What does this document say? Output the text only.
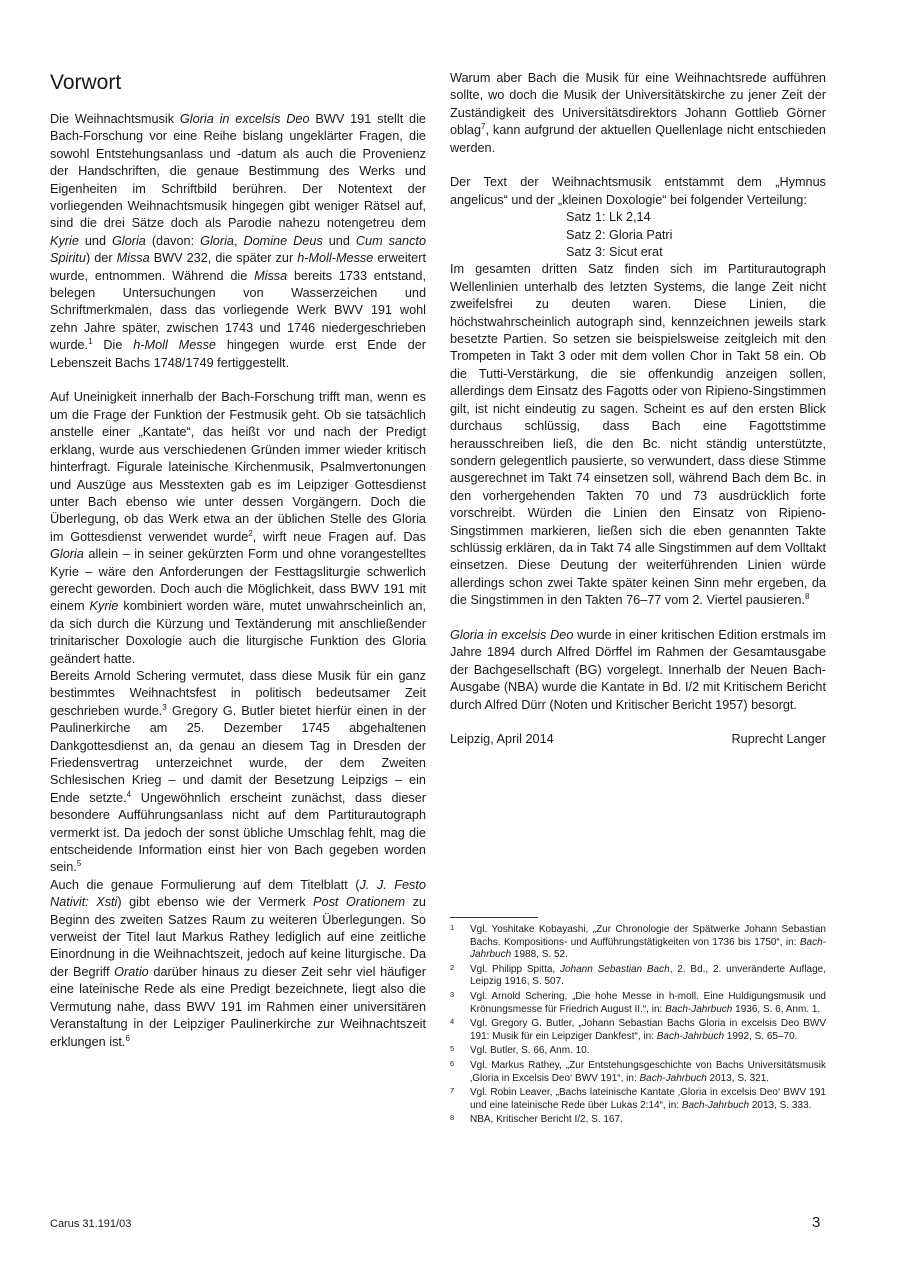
Vorwort

Die Weihnachtsmusik Gloria in excelsis Deo BWV 191 stellt die Bach-Forschung vor eine Reihe bislang ungeklärter Fragen, die sowohl Entstehungsanlass und -datum als auch die Provenienz der Handschriften, die genaue Bestimmung des Werks und Eigenheiten im Schriftbild berühren. Der Notentext der vorliegenden Weihnachtsmusik hingegen gibt weniger Rätsel auf, sind die drei Sätze doch als Parodie nahezu notengetreu dem Kyrie und Gloria (davon: Gloria, Domine Deus und Cum sancto Spiritu) der Missa BWV 232, die später zur h-Moll-Messe erweitert wurde, entnommen. Während die Missa bereits 1733 entstand, belegen Untersuchungen von Wasserzeichen und Schriftmerkmalen, dass das vorliegende Werk BWV 191 wohl zehn Jahre später, zwischen 1743 und 1746 niedergeschrieben wurde.$^1$ Die h-Moll Messe hingegen wurde erst Ende der Lebenszeit Bachs 1748/1749 fertiggestellt.

Auf Uneinigkeit innerhalb der Bach-Forschung trifft man, wenn es um die Frage der Funktion der Festmusik geht. Ob sie tatsächlich anstelle einer „Kantate“, das heißt vor und nach der Predigt erklang, wurde aus verschiedenen Gründen immer wieder kritisch hinterfragt. Figurale lateinische Kirchenmusik, Psalmvertonungen und Auszüge aus Messtexten gab es im Leipziger Gottesdienst unter Bach ebenso wie unter dessen Vorgängern. Doch die Überlegung, ob das Werk etwa an der üblichen Stelle des Gloria im Gottesdienst verwendet wurde$^2$, wirft neue Fragen auf. Das Gloria allein – in seiner gekürzten Form und ohne vorangestelltes Kyrie – wäre den Anforderungen der Festtagsliturgie schwerlich gerecht geworden. Doch auch die Möglichkeit, dass BWV 191 mit einem Kyrie kombiniert worden wäre, mutet unwahrscheinlich an, da sich durch die Kürzung und Textänderung mit anschließender trinitarischer Doxologie auch die liturgische Funktion des Gloria geändert hatte.

Bereits Arnold Schering vermutet, dass diese Musik für ein ganz bestimmtes Weihnachtsfest in politisch bedeutsamer Zeit geschrieben wurde.$^3$ Gregory G. Butler bietet hierfür einen in der Paulinerkirche am 25. Dezember 1745 abgehaltenen Dankgottesdienst an, da genau an diesem Tag in Dresden der Friedensvertrag unterzeichnet wurde, der dem Zweiten Schlesischen Krieg – und damit der Besetzung Leipzigs – ein Ende setzte.$^4$ Ungewöhnlich erscheint zunächst, dass dieser besondere Aufführungsanlass nicht auf dem Partiturautograph vermerkt ist. Da jedoch der sonst übliche Umschlag fehlt, mag die entscheidende Information einst hier von Bach gegeben worden sein.$^5$

Auch die genaue Formulierung auf dem Titelblatt (J. J. Festo Nativit: Xsti) gibt ebenso wie der Vermerk Post Orationem zu Beginn des zweiten Satzes Raum zu weiteren Überlegungen. So verweist der Titel laut Markus Rathey lediglich auf eine zeitliche Einordnung in die Weihnachtszeit, jedoch auf keine liturgische. Da der Begriff Oratio darüber hinaus zu dieser Zeit sehr viel häufiger eine lateinische Rede als eine Predigt bezeichnete, liegt also die Vermutung nahe, dass BWV 191 im Rahmen einer universitären Veranstaltung in der Leipziger Paulinerkirche zur Weihnachtszeit erklungen ist.$^6$

Warum aber Bach die Musik für eine Weihnachtsrede aufführen sollte, wo doch die Musik der Universitätskirche zu jener Zeit der Zuständigkeit des Universitätsdirektors Johann Gottlieb Görner oblag$^7$, kann aufgrund der aktuellen Quellenlage nicht entschieden werden.

Der Text der Weihnachtsmusik entstammt dem „Hymnus angelicus“ und der „kleinen Doxologie“ bei folgender Verteilung:

Satz 1: Lk 2,14

Satz 2: Gloria Patri

Satz 3: Sicut erat

Im gesamten dritten Satz finden sich im Partiturautograph Wellenlinien unterhalb des letzten Systems, die lange Zeit nicht zweifelsfrei zu deuten waren. Diese Linien, die höchstwahrscheinlich autograph sind, kennzeichnen jeweils stark besetzte Partien. So setzen sie beispielsweise zeitgleich mit den Trompeten in Takt 3 oder mit dem vollen Chor in Takt 58 ein. Ob die Tutti-Verstärkung, die sie offenkundig anzeigen sollen, allerdings dem Einsatz des Fagotts oder von Ripieno-Singstimmen gilt, ist nicht eindeutig zu sagen. Scheint es auf den ersten Blick durchaus schlüssig, dass Bach eine Fagottstimme herausschreiben ließ, die den Bc. nicht ständig unterstützte, sondern gelegentlich pausierte, so verwundert, dass diese Stimme ausgerechnet im Takt 74 einsetzen soll, während Bach dem Bc. in den vorhergehenden Takten 70 und 73 ausdrücklich forte vorschreibt. Würden die Linien den Einsatz von Ripieno-Singstimmen markieren, ließen sich die eben genannten Takte schlüssig erklären, da in Takt 74 alle Singstimmen auf dem Volltakt einsetzen. Diese Deutung der weiterführenden Linien würde allerdings schon zwei Takte später keinen Sinn mehr ergeben, da die Singstimmen in den Takten 76–77 vom 2. Viertel pausieren.$^8$

Gloria in excelsis Deo wurde in einer kritischen Edition erstmals im Jahre 1894 durch Alfred Dörffel im Rahmen der Gesamtausgabe der Bachgesellschaft (BG) vorgelegt. Innerhalb der Neuen Bach-Ausgabe (NBA) wurde die Kantate in Bd. I/2 mit Kritischem Bericht durch Alfred Dürr (Noten und Kritischer Bericht 1957) besorgt.

Leipzig, April 2014	Ruprecht Langer
1 Vgl. Yoshitake Kobayashi, „Zur Chronologie der Spätwerke Johann Sebastian Bachs. Kompositions- und Aufführungstätigkeiten von 1736 bis 1750“, in: Bach-Jahrbuch 1988, S. 52.
2 Vgl. Philipp Spitta, Johann Sebastian Bach, 2. Bd., 2. unveränderte Auflage, Leipzig 1916, S. 507.
3 Vgl. Arnold Schering, „Die hohe Messe in h-moll. Eine Huldigungsmusik und Krönungsmesse für Friedrich August II.“, in: Bach-Jahrbuch 1936, S. 6, Anm. 1.
4 Vgl. Gregory G. Butler, „Johann Sebastian Bachs Gloria in excelsis Deo BWV 191: Musik für ein Leipziger Dankfest“, in: Bach-Jahrbuch 1992, S. 65–70.
5 Vgl. Butler, S. 66, Anm. 10.
6 Vgl. Markus Rathey, „Zur Entstehungsgeschichte von Bachs Universitätsmusik ‚Gloria in Excelsis Deo‘ BWV 191“, in: Bach-Jahrbuch 2013, S. 321.
7 Vgl. Robin Leaver, „Bachs lateinische Kantate ‚Gloria in excelsis Deo‘ BWV 191 und eine lateinische Rede über Lukas 2:14“, in: Bach-Jahrbuch 2013, S. 333.
8 NBA, Kritischer Bericht I/2, S. 167.
Carus 31.191/03	3
